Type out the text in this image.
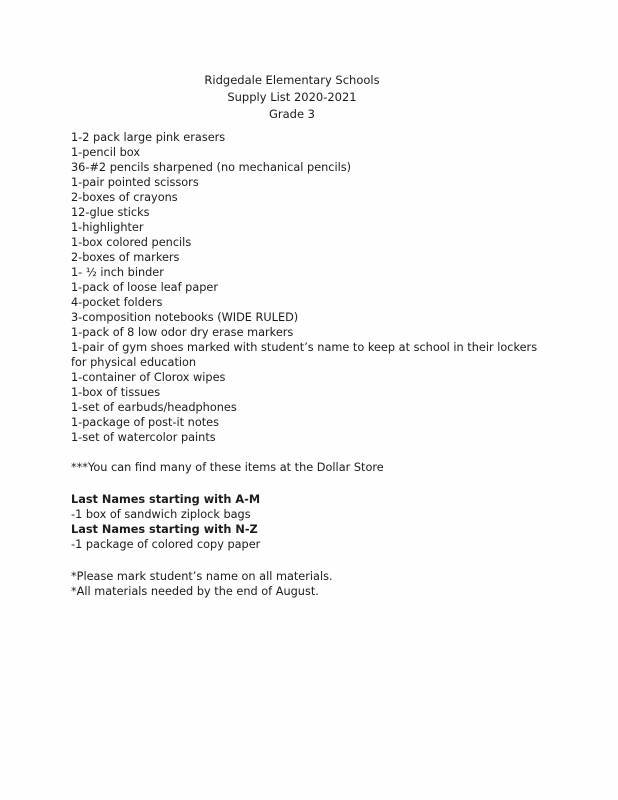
Ridgedale Elementary Schools
Supply List 2020-2021
Grade 3
1-2 pack large pink erasers
1-pencil box
36-#2 pencils sharpened (no mechanical pencils)
1-pair pointed scissors
2-boxes of crayons
12-glue sticks
1-highlighter
1-box colored pencils
2-boxes of markers
1- ½ inch binder
1-pack of loose leaf paper
4-pocket folders
3-composition notebooks (WIDE RULED)
1-pack of 8 low odor dry erase markers
1-pair of gym shoes marked with student’s name to keep at school in their lockers
for physical education
1-container of Clorox wipes
1-box of tissues
1-set of earbuds/headphones
1-package of post-it notes
1-set of watercolor paints
***You can find many of these items at the Dollar Store
Last Names starting with A-M
-1 box of sandwich ziplock bags
Last Names starting with N-Z
-1 package of colored copy paper
*Please mark student’s name on all materials.
*All materials needed by the end of August.
